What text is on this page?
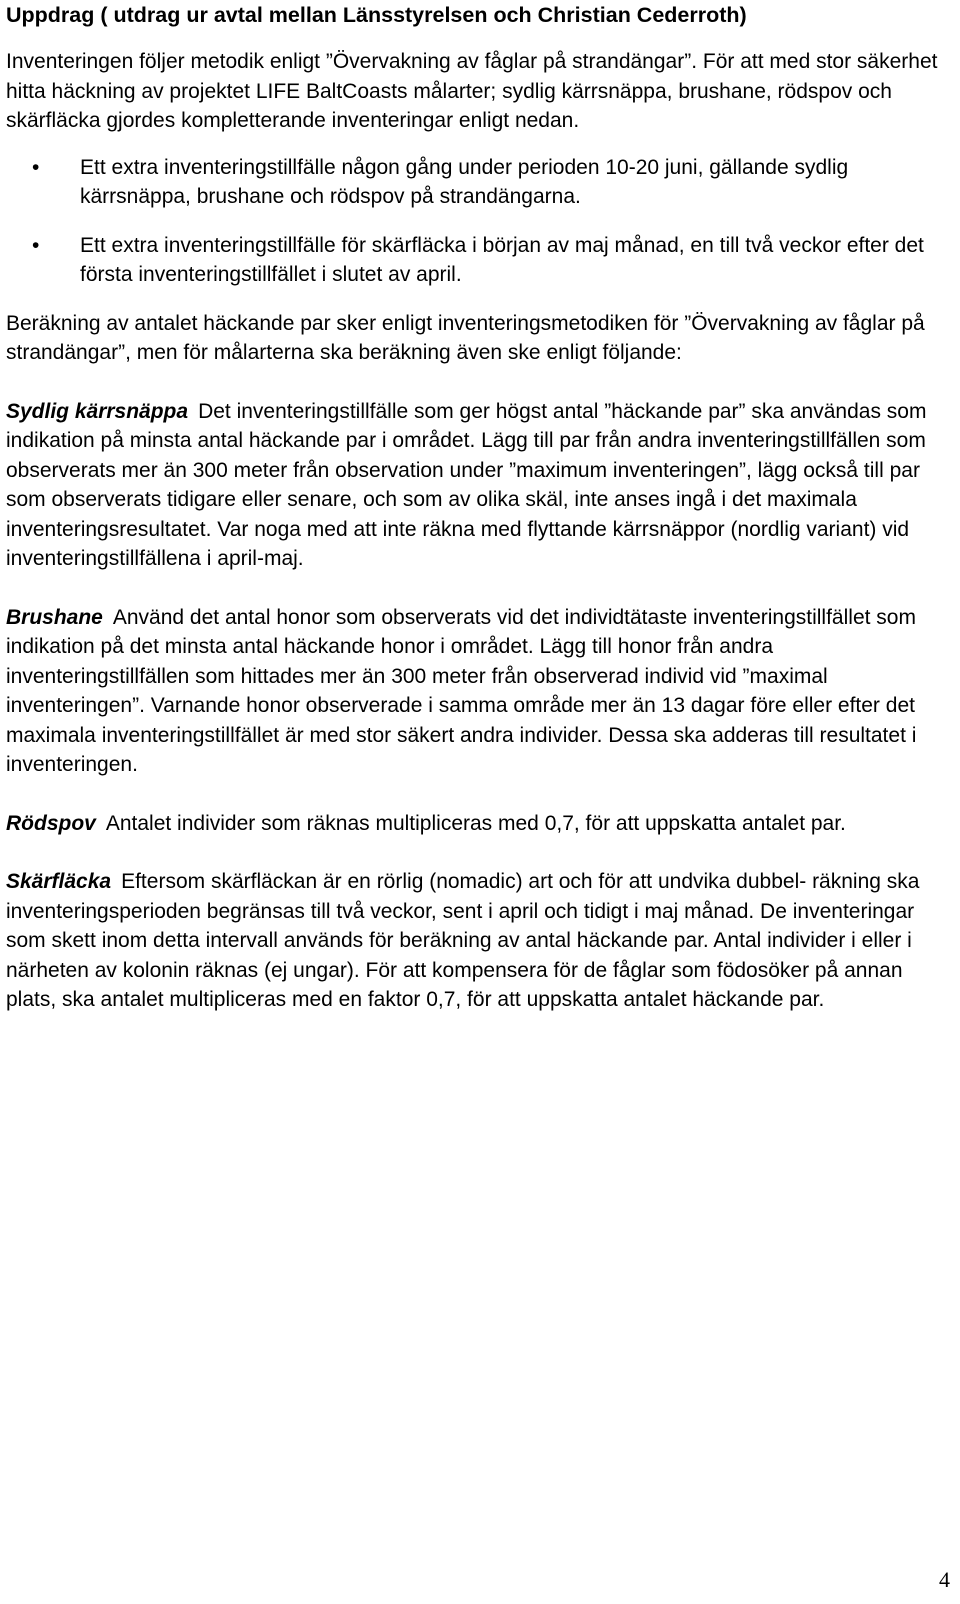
Uppdrag ( utdrag ur avtal mellan Länsstyrelsen och Christian Cederroth)

Inventeringen följer metodik enligt ”Övervakning av fåglar på strandängar”. För att med stor säkerhet hitta häckning av projektet LIFE BaltCoasts målarter; sydlig kärrsnäppa, brushane, rödspov och skärfläcka gjordes kompletterande inventeringar enligt nedan.

• Ett extra inventeringstillfälle någon gång under perioden 10-20 juni, gällande sydlig kärrsnäppa, brushane och rödspov på strandängarna.
• Ett extra inventeringstillfälle för skärfläcka i början av maj månad, en till två veckor efter det första inventeringstillfället i slutet av april.

Beräkning av antalet häckande par sker enligt inventeringsmetodiken för ”Övervakning av fåglar på strandängar”, men för målarterna ska beräkning även ske enligt följande:

Sydlig kärrsnäppa Det inventeringstillfälle som ger högst antal ”häckande par” ska användas som indikation på minsta antal häckande par i området. Lägg till par från andra inventeringstillfällen som observerats mer än 300 meter från observation under ”maximum inventeringen”, lägg också till par som observerats tidigare eller senare, och som av olika skäl, inte anses ingå i det maximala inventeringsresultatet. Var noga med att inte räkna med flyttande kärrsnäppor (nordlig variant) vid inventeringstillfällena i april-maj.

Brushane Använd det antal honor som observerats vid det individtätaste inventeringstillfället som indikation på det minsta antal häckande honor i området. Lägg till honor från andra inventeringstillfällen som hittades mer än 300 meter från observerad individ vid ”maximal inventeringen”. Varnande honor observerade i samma område mer än 13 dagar före eller efter det maximala inventeringstillfället är med stor säkert andra individer. Dessa ska adderas till resultatet i inventeringen.

Rödspov Antalet individer som räknas multipliceras med 0,7, för att uppskatta antalet par.

Skärfläcka Eftersom skärfläckan är en rörlig (nomadic) art och för att undvika dubbel- räkning ska inventeringsperioden begränsas till två veckor, sent i april och tidigt i maj månad. De inventeringar som skett inom detta intervall används för beräkning av antal häckande par. Antal individer i eller i närheten av kolonin räknas (ej ungar). För att kompensera för de fåglar som födosöker på annan plats, ska antalet multipliceras med en faktor 0,7, för att uppskatta antalet häckande par.

4
